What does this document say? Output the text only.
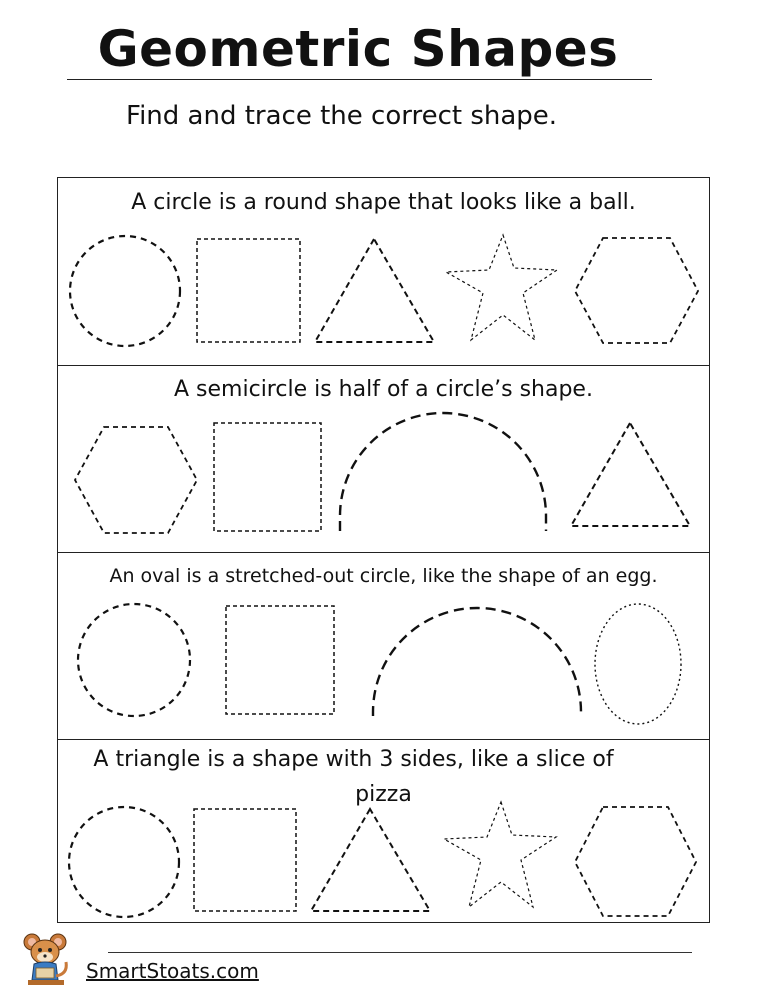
Geometric Shapes
Find and trace the correct shape.
A circle is a round shape that looks like a ball.
A semicircle is half of a circle’s shape.
An oval is a stretched-out circle, like the shape of an egg.
A triangle is a shape with 3 sides, like a slice of
pizza
SmartStoats.com
